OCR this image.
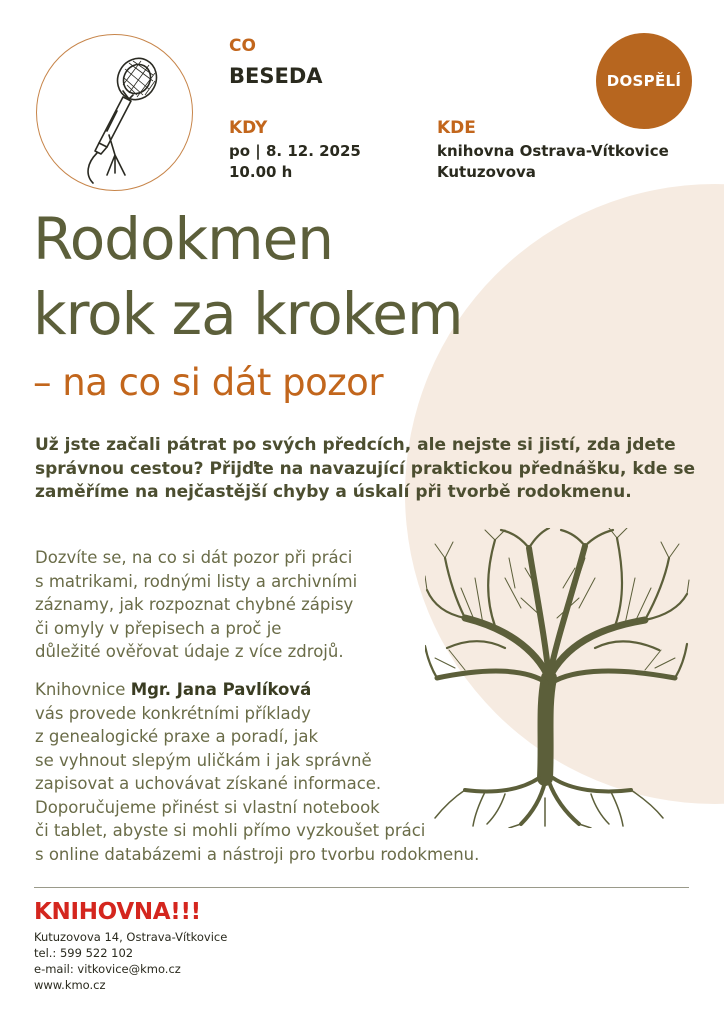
CO
BESEDA
KDY
po | 8. 12. 2025
10.00 h
KDE
knihovna Ostrava-Vítkovice
Kutuzovova
DOSPĚLÍ
Rodokmen
krok za krokem
– na co si dát pozor
Už jste začali pátrat po svých předcích, ale nejste si jistí, zda jdete správnou cestou? Přijďte na navazující praktickou přednášku, kde se zaměříme na nejčastější chyby a úskalí při tvorbě rodokmenu.
Dozvíte se, na co si dát pozor při práci
s matrikami, rodnými listy a archivními
záznamy, jak rozpoznat chybné zápisy
či omyly v přepisech a proč je
důležité ověřovat údaje z více zdrojů.
Knihovnice Mgr. Jana Pavlíková
vás provede konkrétními příklady
z genealogické praxe a poradí, jak
se vyhnout slepým uličkám i jak správně
zapisovat a uchovávat získané informace.
Doporučujeme přinést si vlastní notebook
či tablet, abyste si mohli přímo vyzkoušet práci
s online databázemi a nástroji pro tvorbu rodokmenu.
KNIHOVNA!!!
Kutuzovova 14, Ostrava-Vítkovice
tel.: 599 522 102
e-mail: vitkovice@kmo.cz
www.kmo.cz
